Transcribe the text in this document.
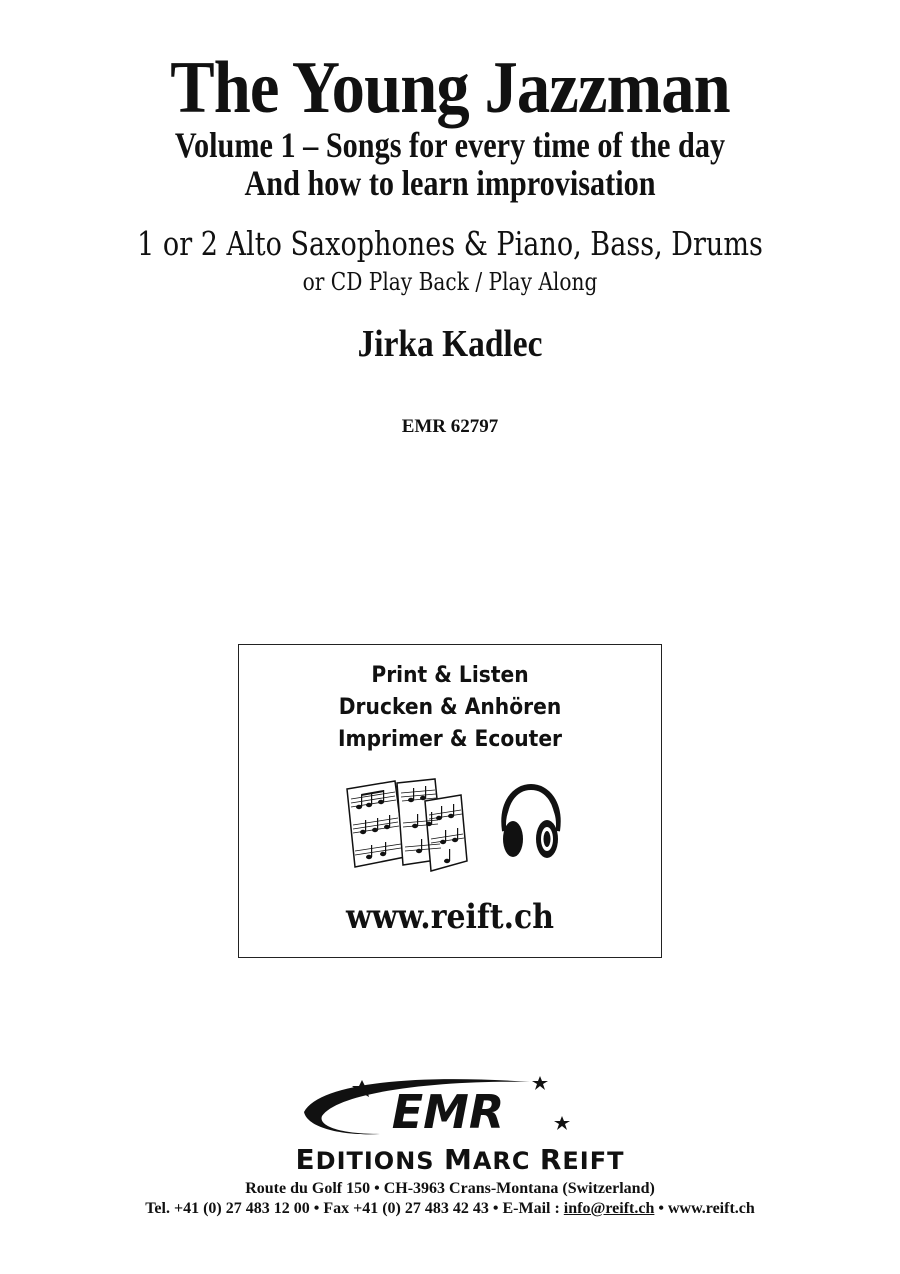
The Young Jazzman
Volume 1 – Songs for every time of the day
And how to learn improvisation
1 or 2 Alto Saxophones & Piano, Bass, Drums
or CD Play Back / Play Along
Jirka Kadlec
EMR 62797
Print & Listen
Drucken & Anhören
Imprimer & Ecouter
www.reift.ch
EMR
EDITIONS MARC REIFT
Route du Golf 150 • CH-3963 Crans-Montana (Switzerland)
Tel. +41 (0) 27 483 12 00 • Fax +41 (0) 27 483 42 43 • E-Mail : info@reift.ch • www.reift.ch
